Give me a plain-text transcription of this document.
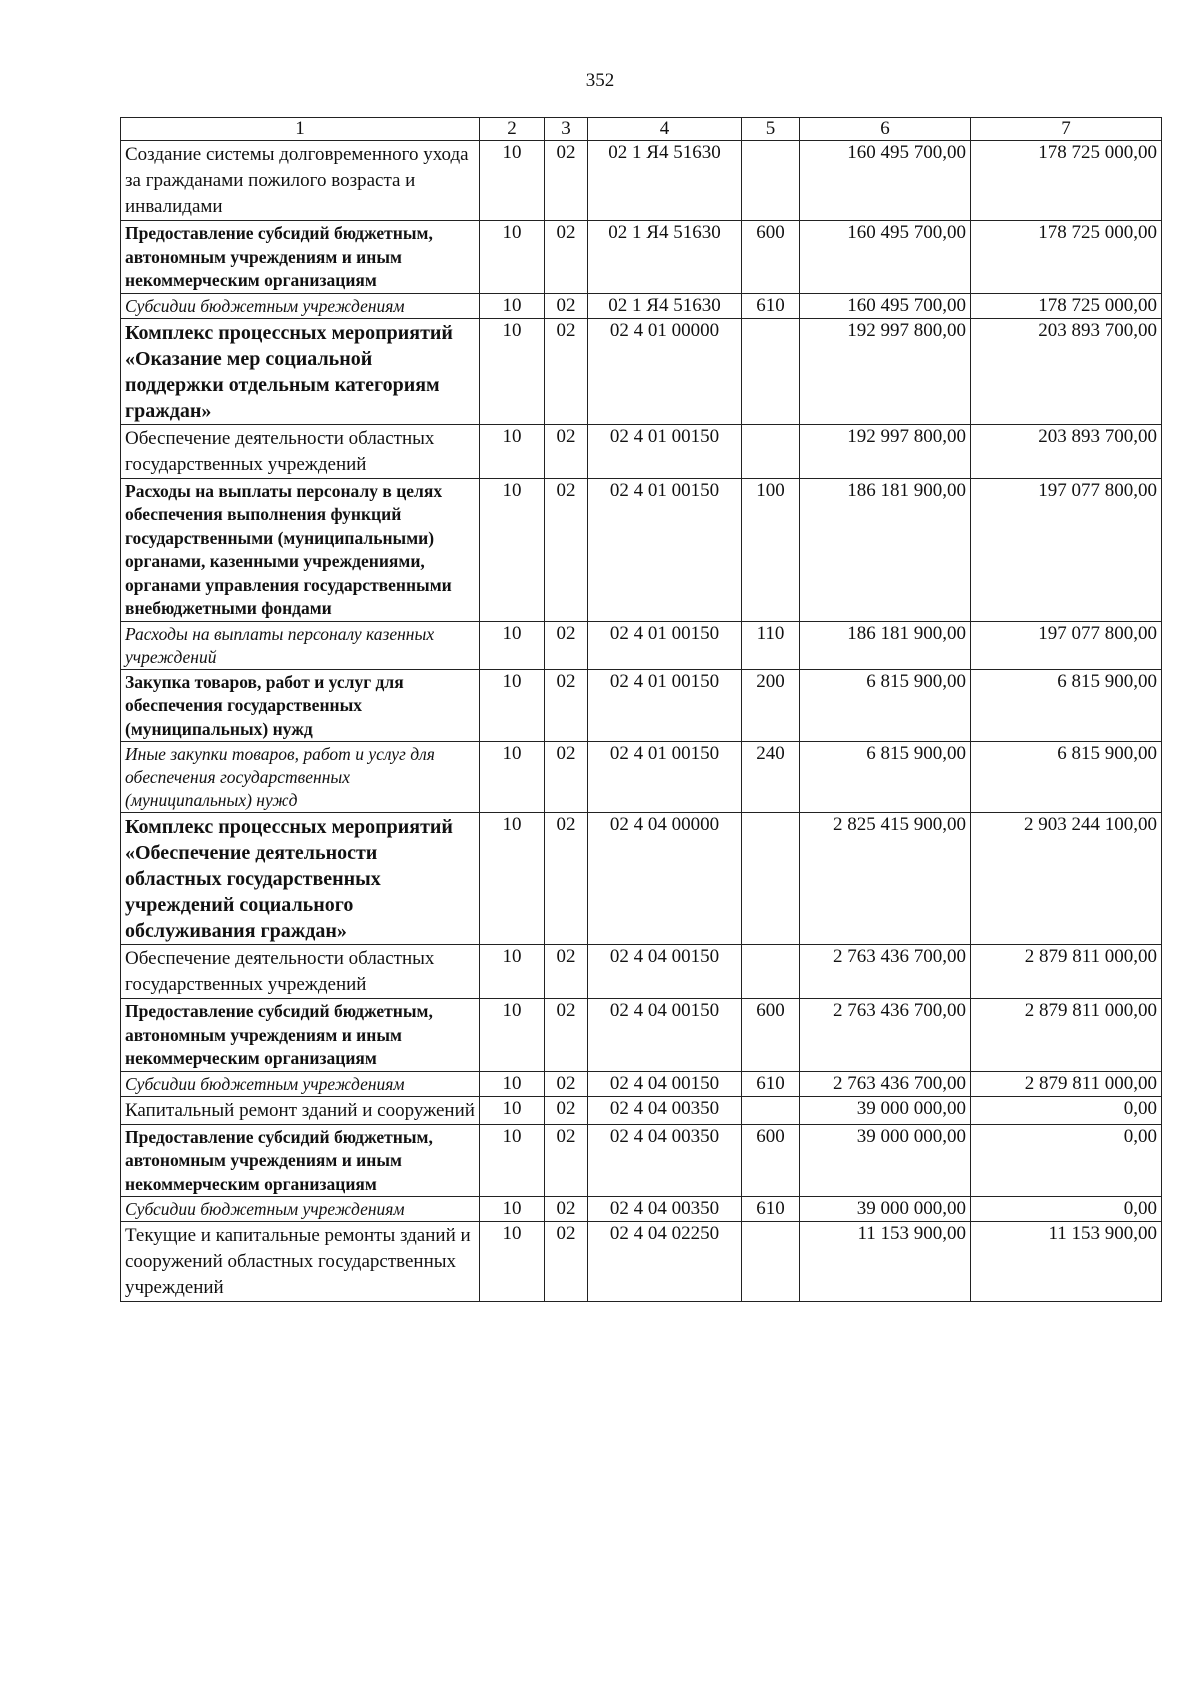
352
1	2	3	4	5	6	7
Создание системы долговременного ухода за гражданами пожилого возраста и инвалидами	10	02	02 1 Я4 51630		160 495 700,00	178 725 000,00
Предоставление субсидий бюджетным, автономным учреждениям и иным некоммерческим организациям	10	02	02 1 Я4 51630	600	160 495 700,00	178 725 000,00
Субсидии бюджетным учреждениям	10	02	02 1 Я4 51630	610	160 495 700,00	178 725 000,00
Комплекс процессных мероприятий «Оказание мер социальной поддержки отдельным категориям граждан»	10	02	02 4 01 00000		192 997 800,00	203 893 700,00
Обеспечение деятельности областных государственных учреждений	10	02	02 4 01 00150		192 997 800,00	203 893 700,00
Расходы на выплаты персоналу в целях обеспечения выполнения функций государственными (муниципальными) органами, казенными учреждениями, органами управления государственными внебюджетными фондами	10	02	02 4 01 00150	100	186 181 900,00	197 077 800,00
Расходы на выплаты персоналу казенных учреждений	10	02	02 4 01 00150	110	186 181 900,00	197 077 800,00
Закупка товаров, работ и услуг для обеспечения государственных (муниципальных) нужд	10	02	02 4 01 00150	200	6 815 900,00	6 815 900,00
Иные закупки товаров, работ и услуг для обеспечения государственных (муниципальных) нужд	10	02	02 4 01 00150	240	6 815 900,00	6 815 900,00
Комплекс процессных мероприятий «Обеспечение деятельности областных государственных учреждений социального обслуживания граждан»	10	02	02 4 04 00000		2 825 415 900,00	2 903 244 100,00
Обеспечение деятельности областных государственных учреждений	10	02	02 4 04 00150		2 763 436 700,00	2 879 811 000,00
Предоставление субсидий бюджетным, автономным учреждениям и иным некоммерческим организациям	10	02	02 4 04 00150	600	2 763 436 700,00	2 879 811 000,00
Субсидии бюджетным учреждениям	10	02	02 4 04 00150	610	2 763 436 700,00	2 879 811 000,00
Капитальный ремонт зданий и сооружений	10	02	02 4 04 00350		39 000 000,00	0,00
Предоставление субсидий бюджетным, автономным учреждениям и иным некоммерческим организациям	10	02	02 4 04 00350	600	39 000 000,00	0,00
Субсидии бюджетным учреждениям	10	02	02 4 04 00350	610	39 000 000,00	0,00
Текущие и капитальные ремонты зданий и сооружений областных государственных учреждений	10	02	02 4 04 02250		11 153 900,00	11 153 900,00
